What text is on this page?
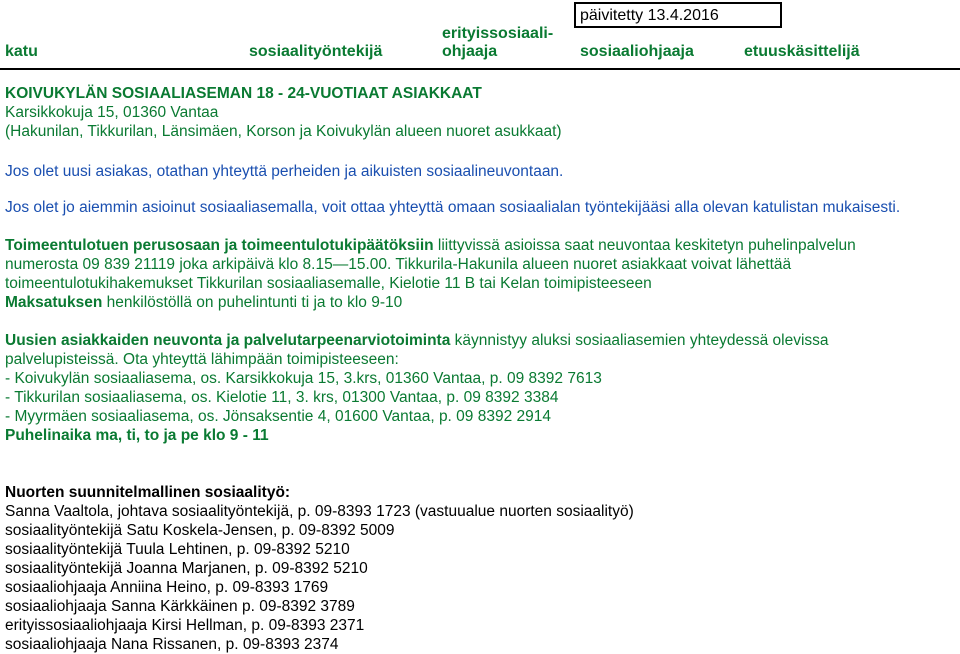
katu	sosiaalityöntekijä
erityissosiaali-
ohjaaja	sosiaaliohjaaja	etuuskäsittelijä
päivitetty 13.4.2016

KOIVUKYLÄN SOSIAALIASEMAN 18 - 24-VUOTIAAT ASIAKKAAT

Karsikkokuja 15, 01360 Vantaa

(Hakunilan, Tikkurilan, Länsimäen, Korson ja Koivukylän alueen nuoret asukkaat)

Jos olet uusi asiakas, otathan yhteyttä perheiden ja aikuisten sosiaalineuvontaan.
Jos olet jo aiemmin asioinut sosiaaliasemalla, voit ottaa yhteyttä omaan sosiaalialan työntekijääsi alla olevan katulistan mukaisesti.

Toimeentulotuen perusosaan ja toimeentulotukipäätöksiin liittyvissä asioissa saat neuvontaa keskitetyn puhelinpalvelun

numerosta 09 839 21119 joka arkipäivä klo 8.15—15.00. Tikkurila-Hakunila alueen nuoret asiakkaat voivat lähettää

toimeentulotukihakemukset Tikkurilan sosiaaliasemalle, Kielotie 11 B tai Kelan toimipisteeseen

Maksatuksen henkilöstöllä on puhelintunti ti ja to klo 9-10

Uusien asiakkaiden neuvonta ja palvelutarpeenarviotoiminta käynnistyy aluksi sosiaaliasemien yhteydessä olevissa

palvelupisteissä. Ota yhteyttä lähimpään toimipisteeseen:

- Koivukylän sosiaaliasema, os. Karsikkokuja 15, 3.krs, 01360 Vantaa, p. 09 8392 7613

- Tikkurilan sosiaaliasema, os. Kielotie 11, 3. krs, 01300 Vantaa, p. 09 8392 3384

- Myyrmäen sosiaaliasema, os. Jönsaksentie 4, 01600 Vantaa, p. 09 8392 2914

Puhelinaika ma, ti, to ja pe klo 9 - 11

Nuorten suunnitelmallinen sosiaalityö:

Sanna Vaaltola, johtava sosiaalityöntekijä, p. 09-8393 1723 (vastuualue nuorten sosiaalityö)

sosiaalityöntekijä Satu Koskela-Jensen, p. 09-8392 5009

sosiaalityöntekijä Tuula Lehtinen, p. 09-8392 5210

sosiaalityöntekijä Joanna Marjanen, p. 09-8392 5210

sosiaaliohjaaja Anniina Heino, p. 09-8393 1769

sosiaaliohjaaja Sanna Kärkkäinen p. 09-8392 3789

erityissosiaaliohjaaja Kirsi Hellman, p. 09-8393 2371

sosiaaliohjaaja Nana Rissanen, p. 09-8393 2374
